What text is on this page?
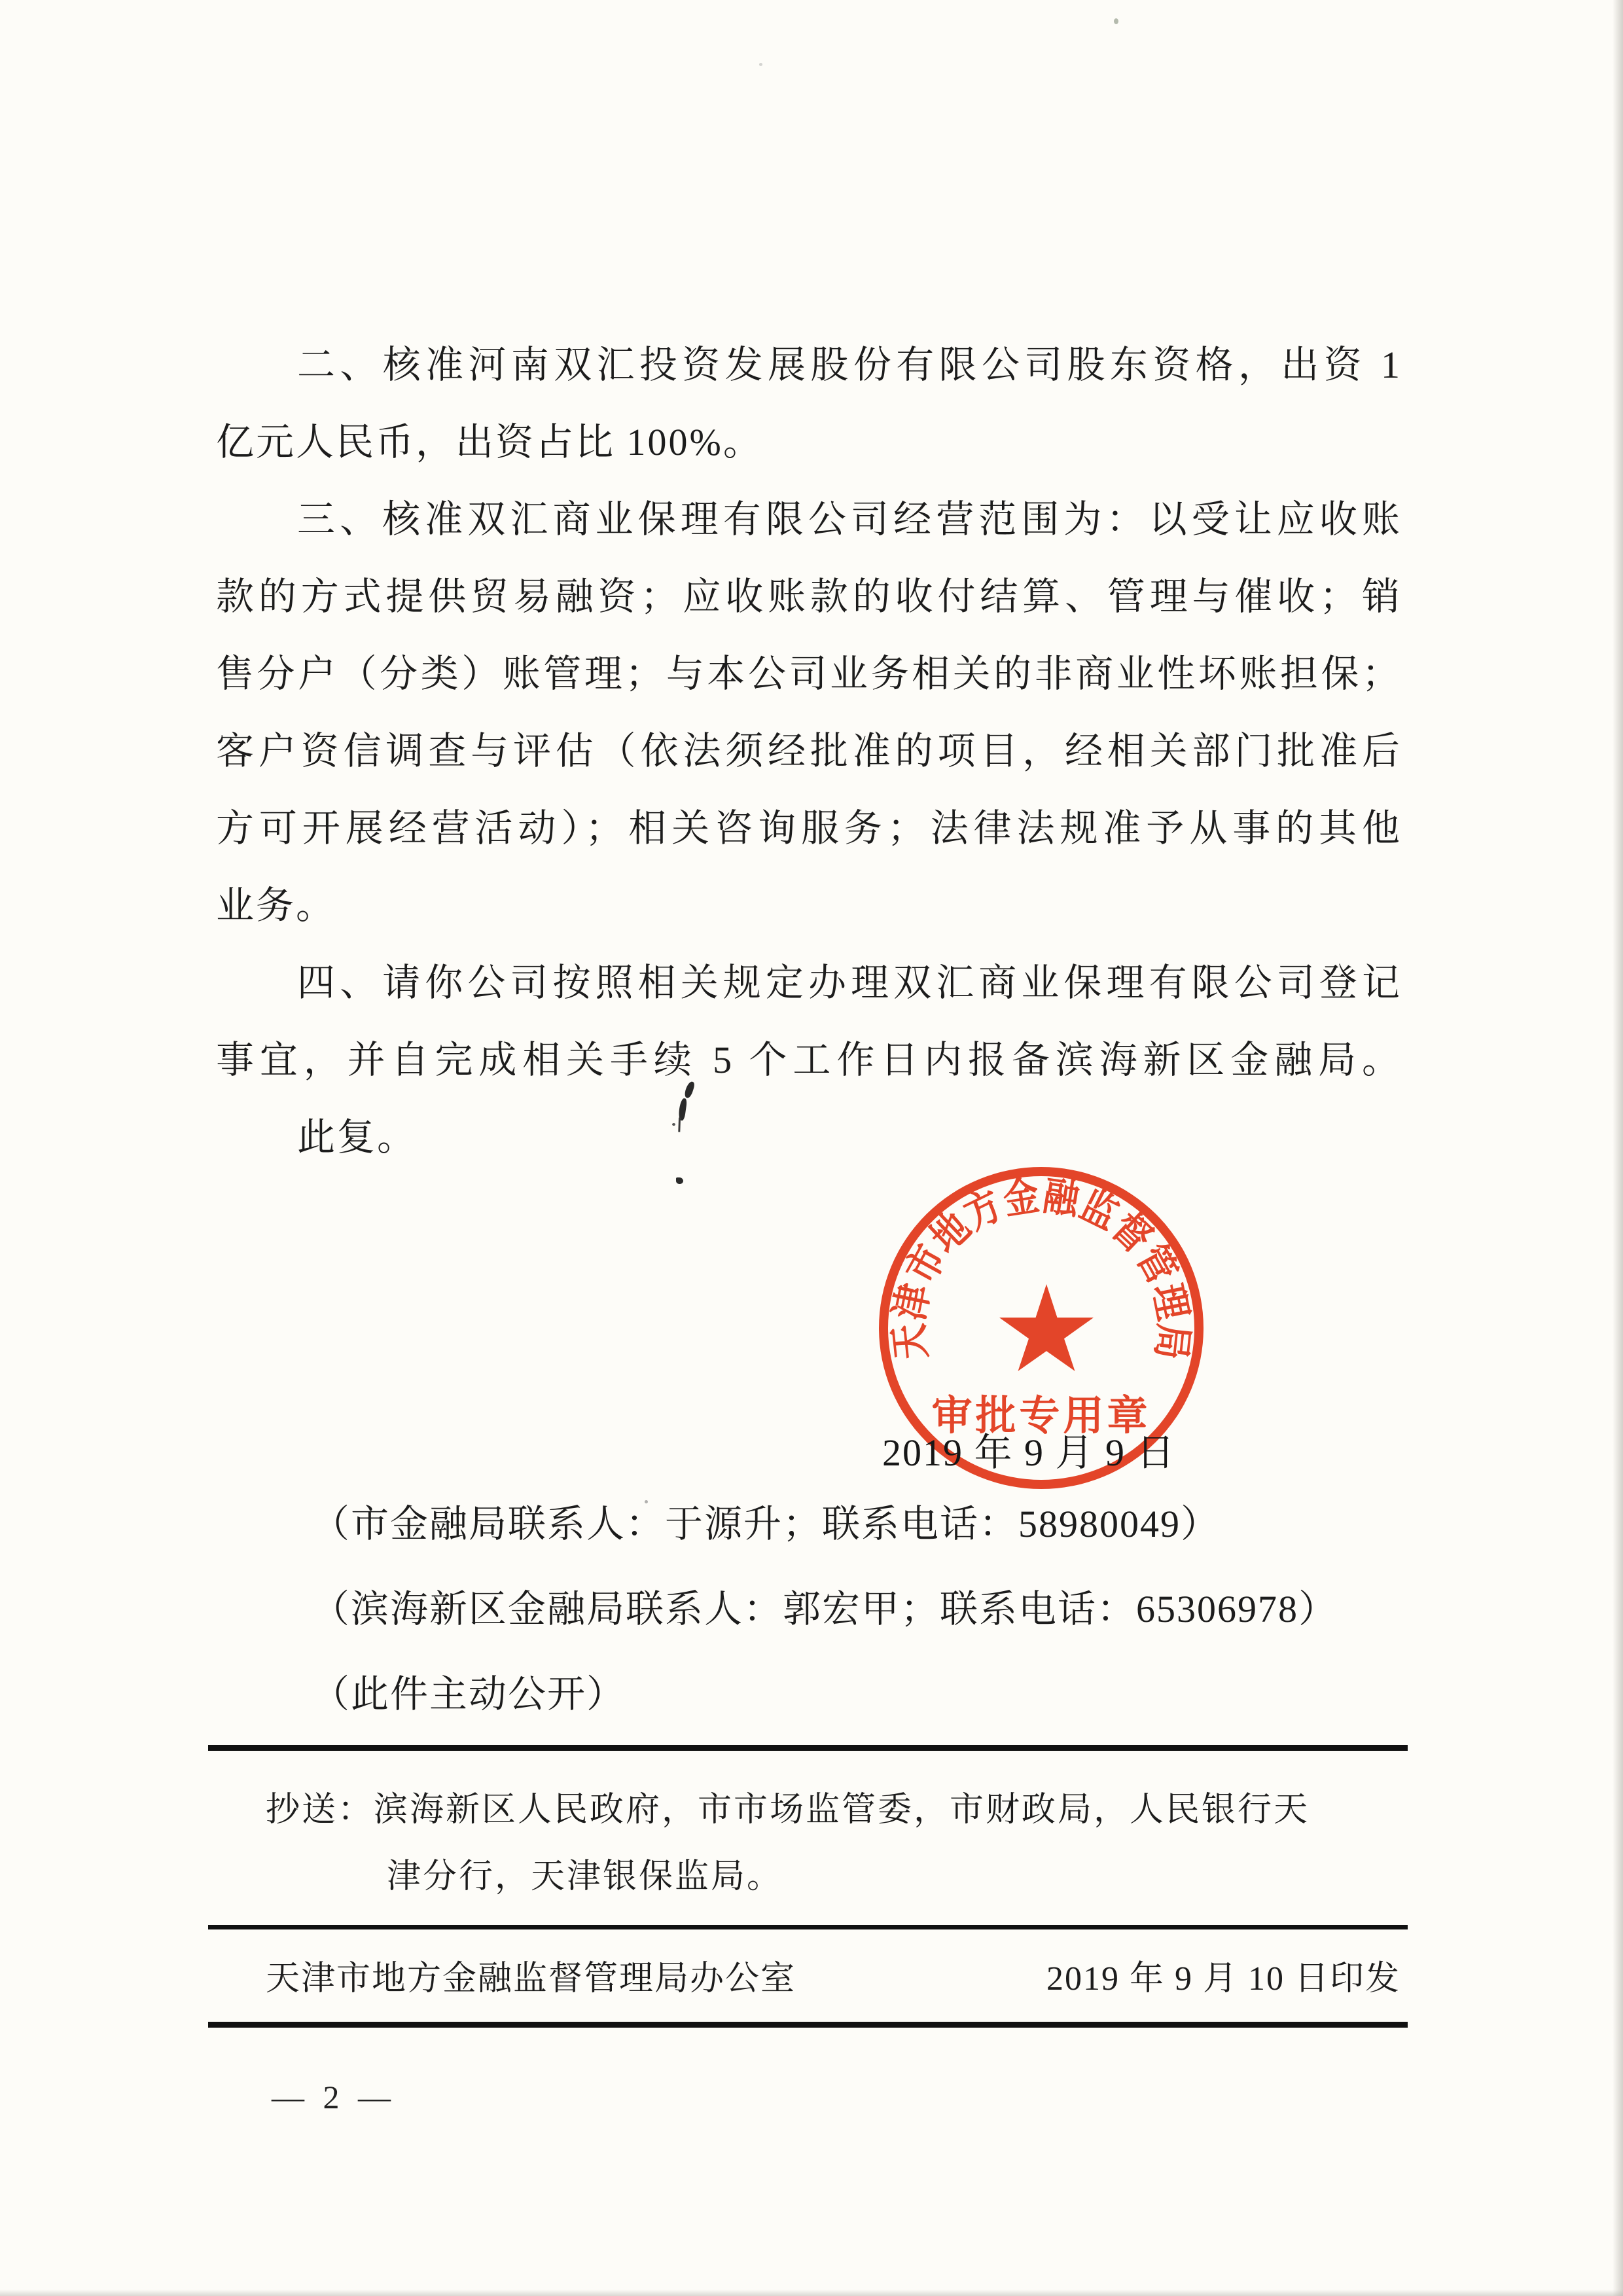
二、核准河南双汇投资发展股份有限公司股东资格，出资 1
亿元人民币，出资占比 100%。
三、核准双汇商业保理有限公司经营范围为：以受让应收账
款的方式提供贸易融资；应收账款的收付结算、管理与催收；销
售分户（分类）账管理；与本公司业务相关的非商业性坏账担保；
客户资信调查与评估（依法须经批准的项目，经相关部门批准后
方可开展经营活动）；相关咨询服务；法律法规准予从事的其他
业务。
四、请你公司按照相关规定办理双汇商业保理有限公司登记
事宜，并自完成相关手续 5 个工作日内报备滨海新区金融局。
此复。
天
津
市
地
方
金
融
监
督
管
理
局
审批专用章
2019 年 9 月 9 日
（市金融局联系人：于源升；联系电话：58980049）
（滨海新区金融局联系人：郭宏甲；联系电话：65306978）
（此件主动公开）
抄送：滨海新区人民政府，市市场监管委，市财政局，人民银行天
津分行，天津银保监局。
天津市地方金融监督管理局办公室	2019 年 9 月 10 日印发
— 2 —
